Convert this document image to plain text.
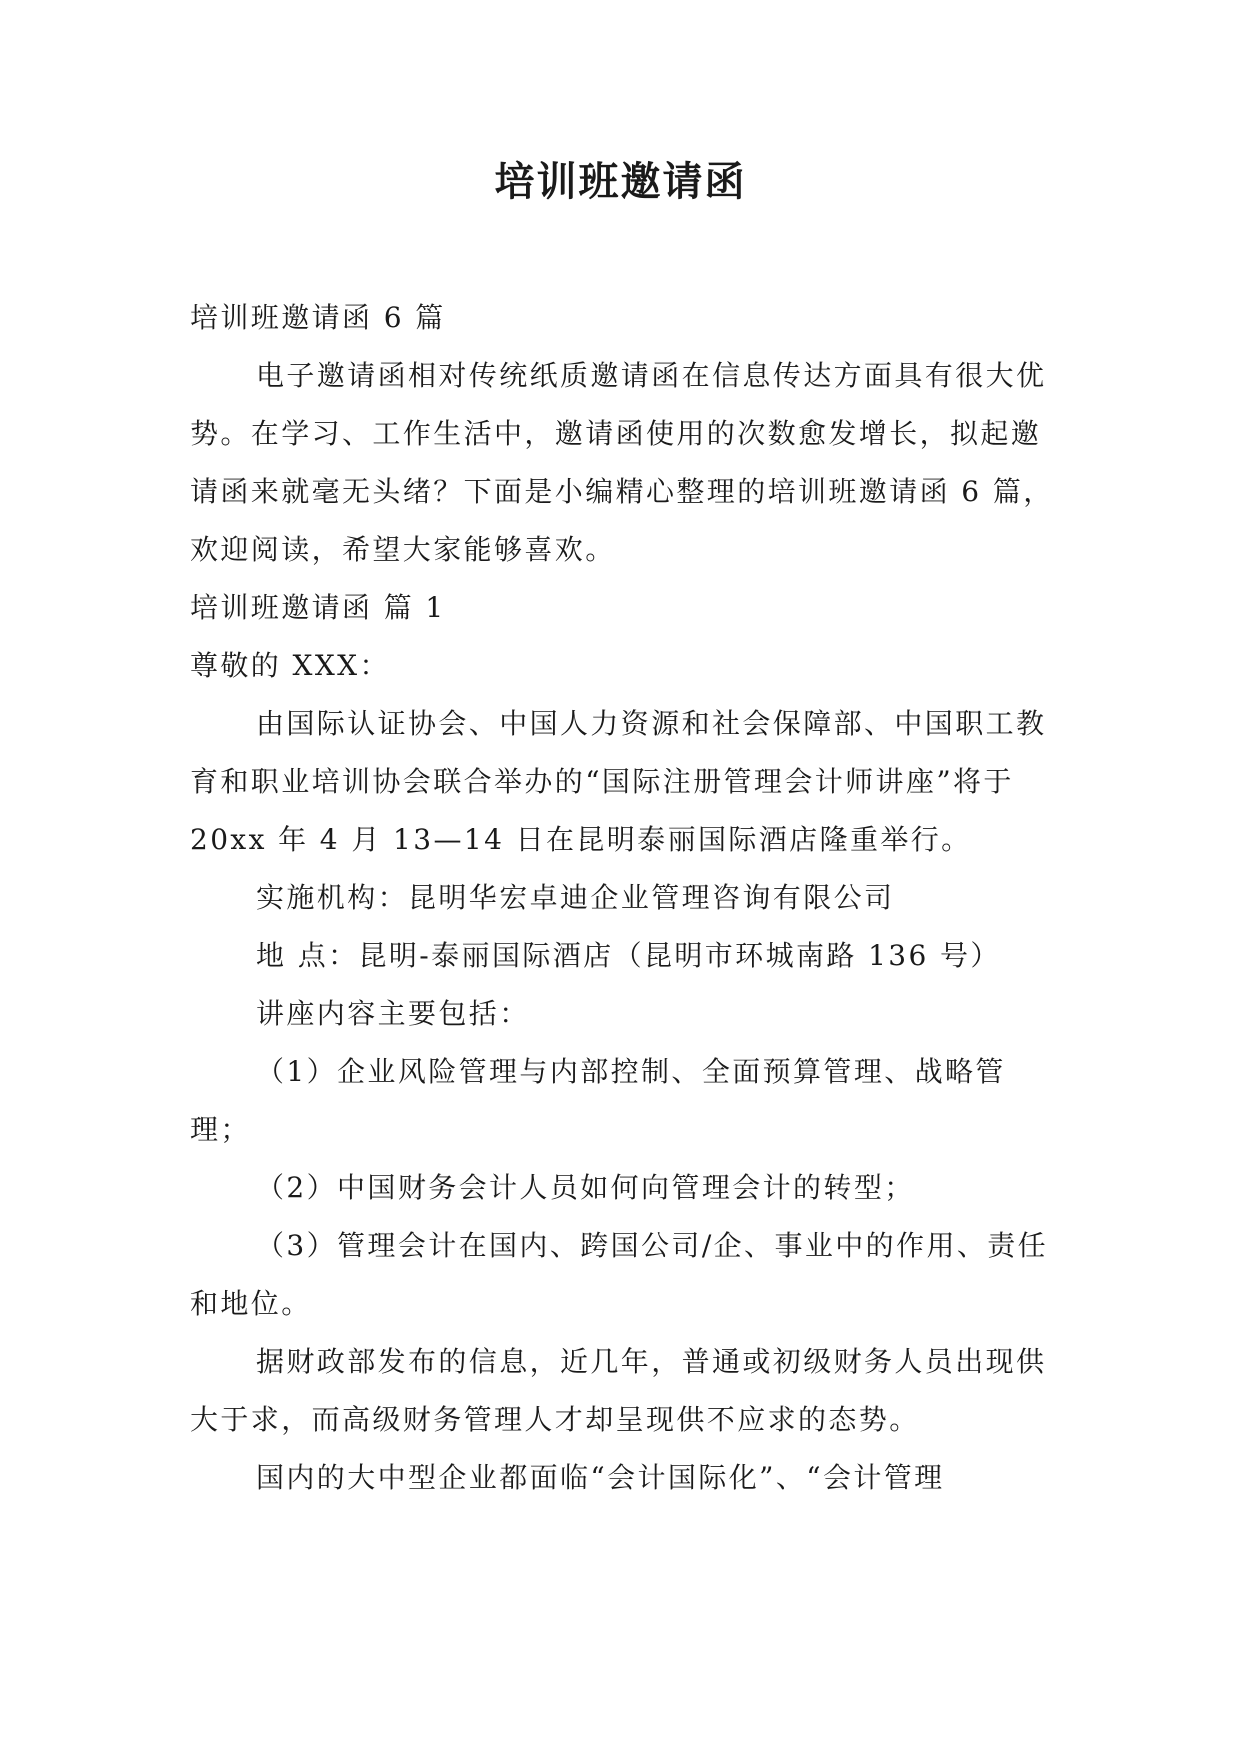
培训班邀请函

培训班邀请函 6 篇

电子邀请函相对传统纸质邀请函在信息传达方面具有很大优势。在学习、工作生活中，邀请函使用的次数愈发增长，拟起邀请函来就毫无头绪？下面是小编精心整理的培训班邀请函 6 篇，欢迎阅读，希望大家能够喜欢。

培训班邀请函 篇 1

尊敬的 XXX：

由国际认证协会、中国人力资源和社会保障部、中国职工教育和职业培训协会联合举办的“国际注册管理会计师讲座”将于 20xx 年 4 月 13—14 日在昆明泰丽国际酒店隆重举行。

实施机构：昆明华宏卓迪企业管理咨询有限公司

地 点：昆明-泰丽国际酒店（昆明市环城南路 136 号）

讲座内容主要包括：

（1）企业风险管理与内部控制、全面预算管理、战略管理；

（2）中国财务会计人员如何向管理会计的转型；

（3）管理会计在国内、跨国公司/企、事业中的作用、责任和地位。

据财政部发布的信息，近几年，普通或初级财务人员出现供大于求，而高级财务管理人才却呈现供不应求的态势。

国内的大中型企业都面临“会计国际化”、“会计管理
